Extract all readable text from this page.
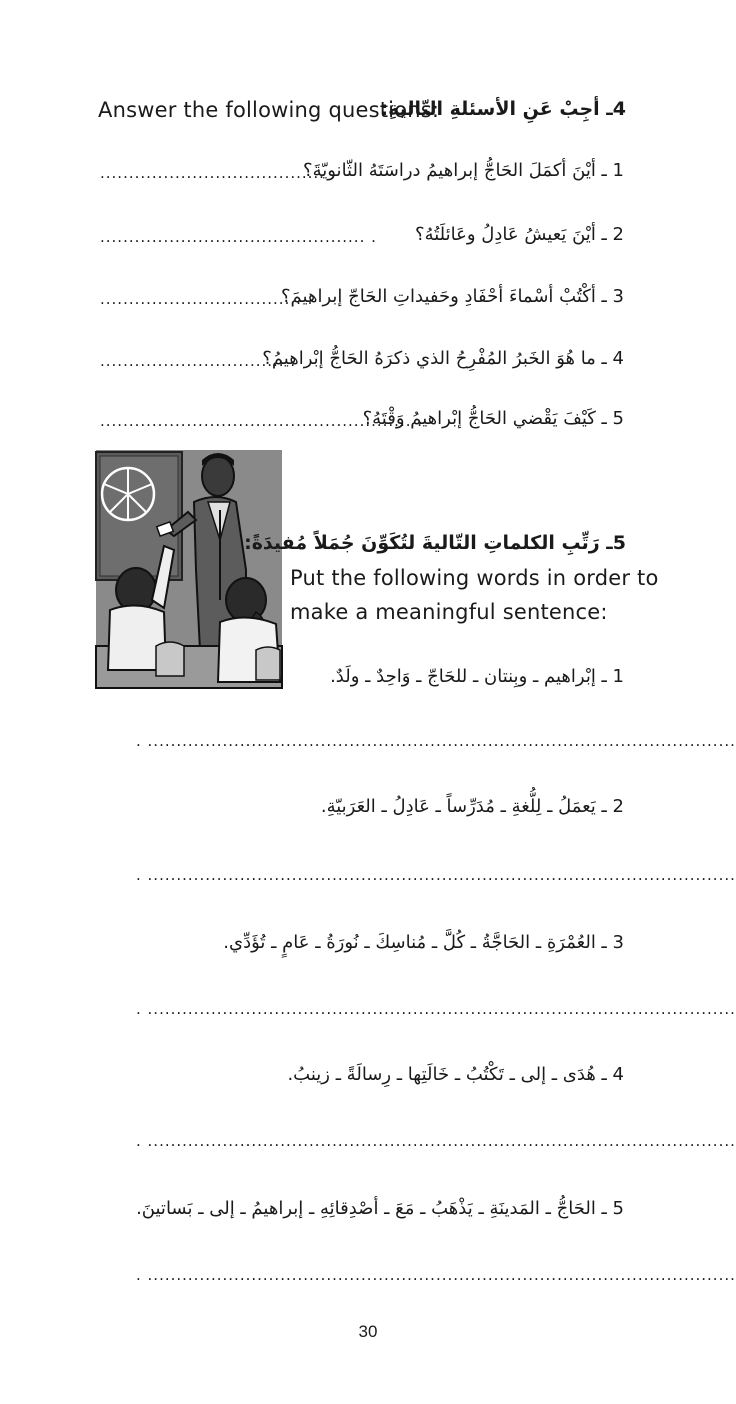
Answer the following questions:
4ـ أجِبْ عَنِ الأسئلةِ التّاليةِ:
1 ـ أيْنَ أكمَلَ الحَاجُّ إبراهيمُ دراسَتَهُ الثّانويّةَ؟
....................................... .
2 ـ أيْنَ يَعيشُ عَادِلُ وعَائلَتُهُ؟
.............................................. .
3 ـ أكْتُبْ أسْماءَ أحْفَادِ وحَفيداتِ الحَاجّ إبراهيمَ؟
................................... .
4 ـ ما هُوَ الخَبرُ المُفْرِحُ الذي ذكرَهُ الحَاجُّ إبْراهيمُ؟
................................ .
5 ـ كَيْفَ يَقْضي الحَاجُّ إبْراهيمُ وَقْتَهُ؟
...................................................... .
5ـ رَتِّبِ الكلماتِ التّاليةَ لتُكَوِّنَ جُمَلاً مُفيدَةً:
Put the following words in order to
make a meaningful sentence:
1 ـ إبْراهيم ـ وبِنتان ـ للحَاجّ ـ وَاحِدٌ ـ ولَدٌ.
. ......................................................................................................
2 ـ يَعمَلُ ـ لِلُّغةِ ـ مُدَرِّساً ـ عَادِلُ ـ العَرَبيّةِ.
. ......................................................................................................
3 ـ العُمْرَةِ ـ الحَاجَّةُ ـ كُلَّ ـ مُناسِكَ ـ نُورَةُ ـ عَامٍ ـ تُؤَدِّي.
. ......................................................................................................
4 ـ هُدَى ـ إلى ـ تَكْتُبُ ـ خَالَتِها ـ رِسالَةً ـ زينبُ.
. ......................................................................................................
5 ـ الحَاجُّ ـ المَدينَةِ ـ يَذْهَبُ ـ مَعَ ـ أصْدِقائِهِ ـ إبراهيمُ ـ إلى ـ بَساتينَ.
. ......................................................................................................
30
